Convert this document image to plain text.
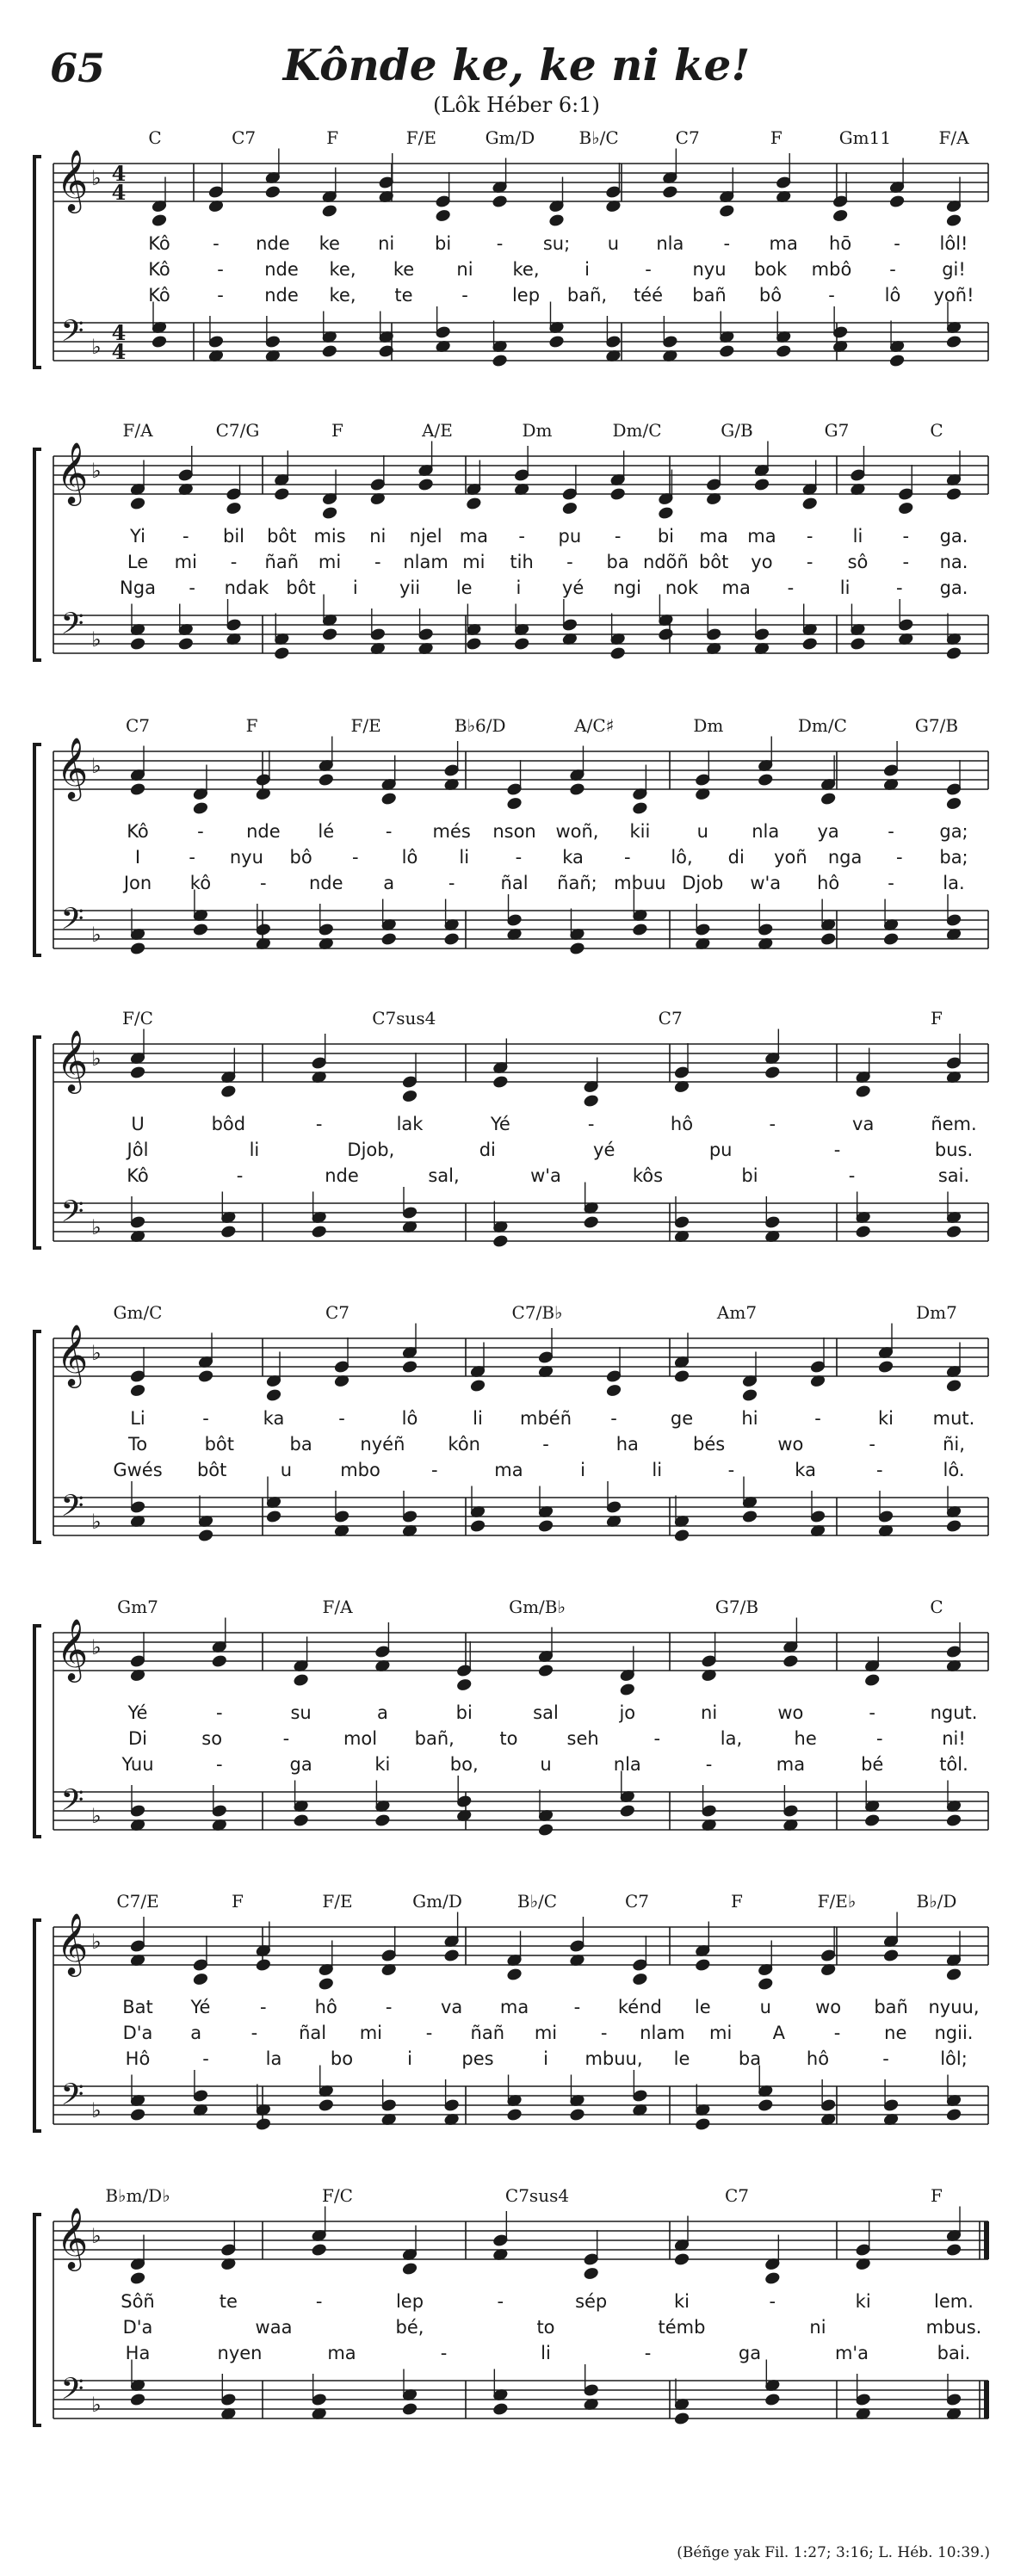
65	Kônde ke, ke ni ke!
(Lôk Héber 6:1)
C	C7	F	F/E	Gm/D	B♭/C	C7	F	Gm11	F/A
𝄞
𝄢
♭
♭
4
4
4
4
Kô - nde ke ni bi	- su; u nla - ma hō - lôl!
Kô	- nde ke, ke ni ke,	i	- nyu bok mbô -	gi!
Kô	- nde ke, te	- lep bañ, téé bañ bô	-	lô yoñ!
F/A	C7/G	F	A/E	Dm	Dm/C	G/B	G7	C
𝄞
𝄢
♭
♭
Yi - bil bôt mis ni njel ma - pu - bi ma ma - li - ga.
Le mi - ñañ mi - nlam mi tih - ba ndõñ bôt yo - sô - na.
Nga - ndak bôt i yii le i yé ngi nok ma -	li	- ga.
C7	F	F/E	B♭6/D	A/C♯	Dm	Dm/C	G7/B
𝄞
𝄢
♭
♭
Kô	- nde lé	- més nson woñ, kii	u nla ya	- ga;
I	- nyu bô - lô li	- ka - lô, di yoñ nga - ba;
Jon kô	- nde a	-	ñal ñañ; mbuu Djob w'a hô	-	la.
F/C	C7sus4	C7	F
𝄞
𝄢
♭
♭
U	bôd	-	lak	Yé	-	hô	-	va	ñem.
Jôl	li	Djob,	di	yé	pu	-	bus.
Kô	-	nde	sal,	w'a	kôs	bi	-	sai.
Gm/C	C7	C7/B♭	Am7	Dm7
𝄞
𝄢
♭
♭
Li	-	ka	-	lô	li mbéñ -	ge	hi	-	ki mut.
To	bôt	ba	nyéñ kôn	-	ha	bés	wo	-	ñi,
Gwés bôt	u	mbo	-	ma	i	li	-	ka	-	lô.
Gm7	F/A	Gm/B♭	G7/B	C
𝄞
𝄢
♭
♭
Yé	-	su	a	bi	sal	jo	ni	wo	-	ngut.
Di	so	-	mol bañ,	to	seh	-	la,	he	-	ni!
Yuu	-	ga	ki	bo,	u	nla	-	ma	bé	tôl.
C7/E	F	F/E	Gm/D	B♭/C	C7	F	F/E♭	B♭/D
𝄞
𝄢
♭
♭
Bat Yé	-	hô	-	va ma - kénd le	u wo bañ nyuu,
D'a a	- ñal mi - ñañ mi - nlam mi A	- ne ngii.
Hô	-	la	bo	i	pes	i mbuu, le	ba	hô	-	lôl;
B♭m/D♭	F/C	C7sus4	C7	F
𝄞
𝄢
♭
♭
Sôñ	te	-	lep	-	sép	ki	-	ki	lem.
D'a	waa	bé,	to	témb	ni	mbus.
Ha	nyen	ma	-	li	-	ga	m'a	bai.
(Béñge yak Fil. 1:27; 3:16; L. Héb. 10:39.)
